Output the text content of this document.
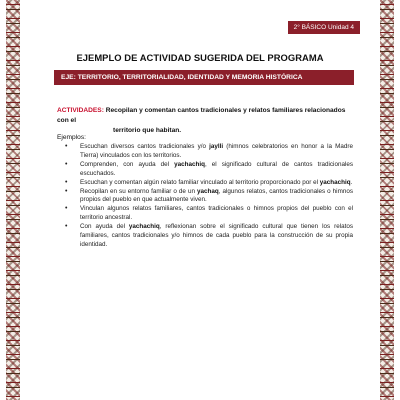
2° BÁSICO Unidad 4
EJEMPLO DE ACTIVIDAD SUGERIDA DEL PROGRAMA
EJE: TERRITORIO, TERRITORIALIDAD, IDENTIDAD Y MEMORIA HISTÓRICA
ACTIVIDADES: Recopilan y comentan cantos tradicionales y relatos familiares relacionados con el
territorio que habitan.
Ejemplos:
• Escuchan diversos cantos tradicionales y/o jaylli (himnos celebratorios en honor a la Madre Tierra) vinculados con los territorios.
• Comprenden, con ayuda del yachachiq, el significado cultural de cantos tradicionales escuchados.
• Escuchan y comentan algún relato familiar vinculado al territorio proporcionado por el yachachiq.
• Recopilan en su entorno familiar o de un yachaq, algunos relatos, cantos tradicionales o himnos propios del pueblo en que actualmente viven.
• Vinculan algunos relatos familiares, cantos tradicionales o himnos propios del pueblo con el territorio ancestral.
• Con ayuda del yachachiq, reflexionan sobre el significado cultural que tienen los relatos familiares, cantos tradicionales y/o himnos de cada pueblo para la construcción de su propia identidad.
